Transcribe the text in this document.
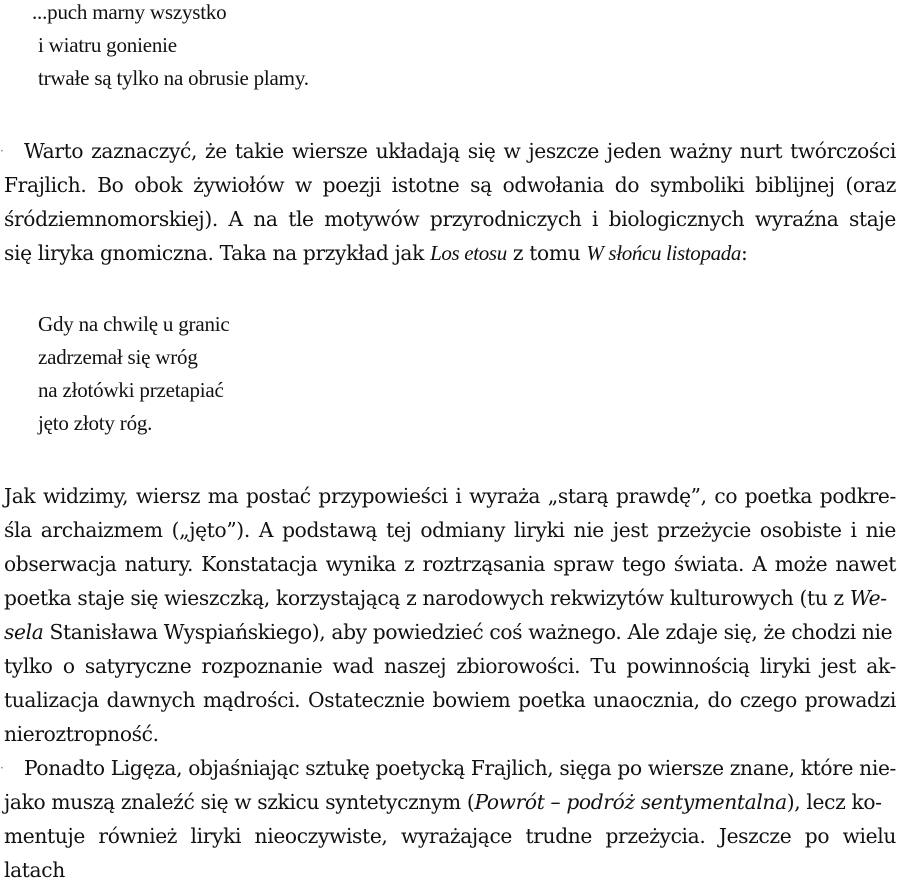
...puch marny wszystko
i wiatru gonienie
trwałe są tylko na obrusie plamy.
·	Warto zaznaczyć, że takie wiersze układają się w jeszcze jeden ważny nurt twórczości
Frajlich. Bo obok żywiołów w poezji istotne są odwołania do symboliki biblijnej (oraz
śródziemnomorskiej). A na tle motywów przyrodniczych i biologicznych wyraźna staje
się liryka gnomiczna. Taka na przykład jak Los etosu z tomu W słońcu listopada:
Gdy na chwilę u granic
zadrzemał się wróg
na złotówki przetapiać
jęto złoty róg.
Jak widzimy, wiersz ma postać przypowieści i wyraża „starą prawdę”, co poetka podkre-
śla archaizmem („jęto”). A podstawą tej odmiany liryki nie jest przeżycie osobiste i nie
obserwacja natury. Konstatacja wynika z roztrząsania spraw tego świata. A może nawet
poetka staje się wieszczką, korzystającą z narodowych rekwizytów kulturowych (tu z We-
sela Stanisława Wyspiańskiego), aby powiedzieć coś ważnego. Ale zdaje się, że chodzi nie
tylko o satyryczne rozpoznanie wad naszej zbiorowości. Tu powinnością liryki jest ak-
tualizacja dawnych mądrości. Ostatecznie bowiem poetka unaocznia, do czego prowadzi
nieroztropność.
·	Ponadto Ligęza, objaśniając sztukę poetycką Frajlich, sięga po wiersze znane, które nie-
jako muszą znaleźć się w szkicu syntetycznym (Powrót – podróż sentymentalna), lecz ko-
mentuje również liryki nieoczywiste, wyrażające trudne przeżycia. Jeszcze po wielu latach
